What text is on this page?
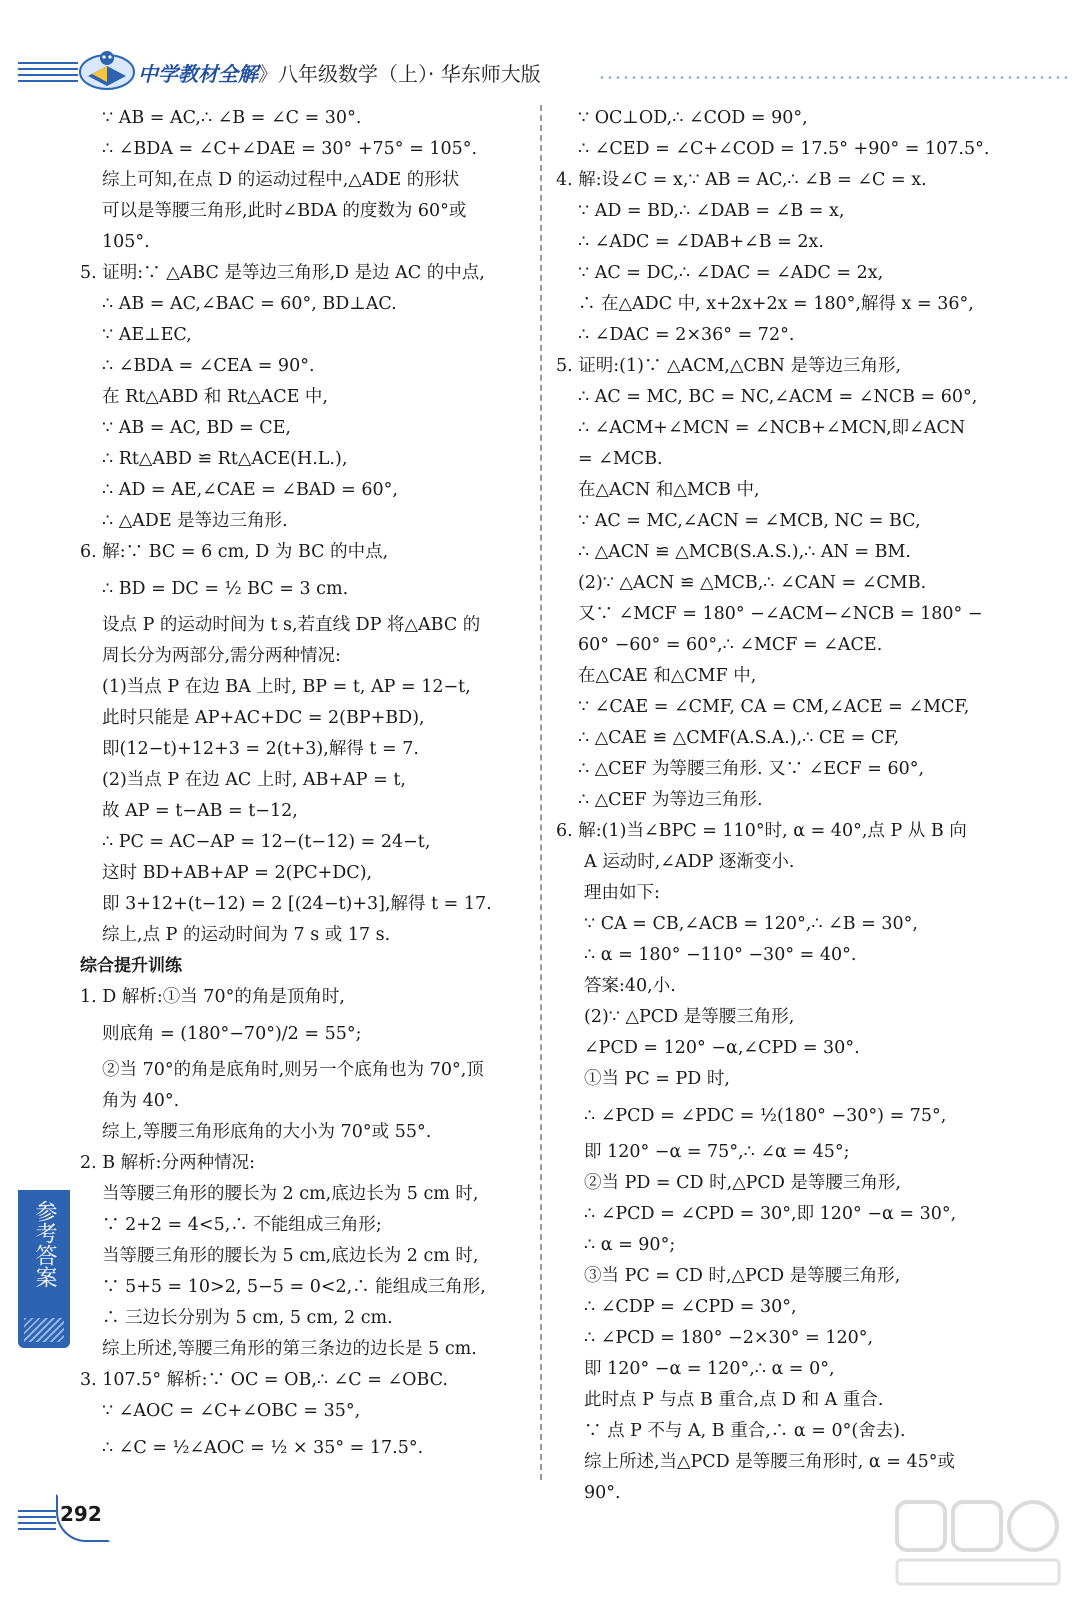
中学教材全解》八年级数学（上）· 华东师大版
∵ AB = AC,∴ ∠B = ∠C = 30°.
∴ ∠BDA = ∠C+∠DAE = 30° +75° = 105°.
综上可知,在点 D 的运动过程中,△ADE 的形状
可以是等腰三角形,此时∠BDA 的度数为 60°或
105°.
5. 证明:∵ △ABC 是等边三角形,D 是边 AC 的中点,
∴ AB = AC,∠BAC = 60°, BD⊥AC.
∵ AE⊥EC,
∴ ∠BDA = ∠CEA = 90°.
在 Rt△ABD 和 Rt△ACE 中,
∵ AB = AC, BD = CE,
∴ Rt△ABD ≌ Rt△ACE(H.L.),
∴ AD = AE,∠CAE = ∠BAD = 60°,
∴ △ADE 是等边三角形.
6. 解:∵ BC = 6 cm, D 为 BC 的中点,
∴ BD = DC = ½ BC = 3 cm.
设点 P 的运动时间为 t s,若直线 DP 将△ABC 的
周长分为两部分,需分两种情况:
(1)当点 P 在边 BA 上时, BP = t, AP = 12−t,
此时只能是 AP+AC+DC = 2(BP+BD),
即(12−t)+12+3 = 2(t+3),解得 t = 7.
(2)当点 P 在边 AC 上时, AB+AP = t,
故 AP = t−AB = t−12,
∴ PC = AC−AP = 12−(t−12) = 24−t,
这时 BD+AB+AP = 2(PC+DC),
即 3+12+(t−12) = 2 [(24−t)+3],解得 t = 17.
综上,点 P 的运动时间为 7 s 或 17 s.
综合提升训练
1. D 解析:①当 70°的角是顶角时,
则底角 = (180°−70°)/2 = 55°;
②当 70°的角是底角时,则另一个底角也为 70°,顶
角为 40°.
综上,等腰三角形底角的大小为 70°或 55°.
2. B 解析:分两种情况:
当等腰三角形的腰长为 2 cm,底边长为 5 cm 时,
∵ 2+2 = 4<5,∴ 不能组成三角形;
当等腰三角形的腰长为 5 cm,底边长为 2 cm 时,
∵ 5+5 = 10>2, 5−5 = 0<2,∴ 能组成三角形,
∴ 三边长分别为 5 cm, 5 cm, 2 cm.
综上所述,等腰三角形的第三条边的边长是 5 cm.
3. 107.5° 解析:∵ OC = OB,∴ ∠C = ∠OBC.
∵ ∠AOC = ∠C+∠OBC = 35°,
∴ ∠C = ½∠AOC = ½ × 35° = 17.5°.
∵ OC⊥OD,∴ ∠COD = 90°,
∴ ∠CED = ∠C+∠COD = 17.5° +90° = 107.5°.
4. 解:设∠C = x,∵ AB = AC,∴ ∠B = ∠C = x.
∵ AD = BD,∴ ∠DAB = ∠B = x,
∴ ∠ADC = ∠DAB+∠B = 2x.
∵ AC = DC,∴ ∠DAC = ∠ADC = 2x,
∴ 在△ADC 中, x+2x+2x = 180°,解得 x = 36°,
∴ ∠DAC = 2×36° = 72°.
5. 证明:(1)∵ △ACM,△CBN 是等边三角形,
∴ AC = MC, BC = NC,∠ACM = ∠NCB = 60°,
∴ ∠ACM+∠MCN = ∠NCB+∠MCN,即∠ACN
= ∠MCB.
在△ACN 和△MCB 中,
∵ AC = MC,∠ACN = ∠MCB, NC = BC,
∴ △ACN ≌ △MCB(S.A.S.),∴ AN = BM.
(2)∵ △ACN ≌ △MCB,∴ ∠CAN = ∠CMB.
又∵ ∠MCF = 180° −∠ACM−∠NCB = 180° −
60° −60° = 60°,∴ ∠MCF = ∠ACE.
在△CAE 和△CMF 中,
∵ ∠CAE = ∠CMF, CA = CM,∠ACE = ∠MCF,
∴ △CAE ≌ △CMF(A.S.A.),∴ CE = CF,
∴ △CEF 为等腰三角形. 又∵ ∠ECF = 60°,
∴ △CEF 为等边三角形.
6. 解:(1)当∠BPC = 110°时, α = 40°,点 P 从 B 向
A 运动时,∠ADP 逐渐变小.
理由如下:
∵ CA = CB,∠ACB = 120°,∴ ∠B = 30°,
∴ α = 180° −110° −30° = 40°.
答案:40,小.
(2)∵ △PCD 是等腰三角形,
∠PCD = 120° −α,∠CPD = 30°.
①当 PC = PD 时,
∴ ∠PCD = ∠PDC = ½(180° −30°) = 75°,
即 120° −α = 75°,∴ ∠α = 45°;
②当 PD = CD 时,△PCD 是等腰三角形,
∴ ∠PCD = ∠CPD = 30°,即 120° −α = 30°,
∴ α = 90°;
③当 PC = CD 时,△PCD 是等腰三角形,
∴ ∠CDP = ∠CPD = 30°,
∴ ∠PCD = 180° −2×30° = 120°,
即 120° −α = 120°,∴ α = 0°,
此时点 P 与点 B 重合,点 D 和 A 重合.
∵ 点 P 不与 A, B 重合,∴ α = 0°(舍去).
综上所述,当△PCD 是等腰三角形时, α = 45°或
90°.
参考答案
292
